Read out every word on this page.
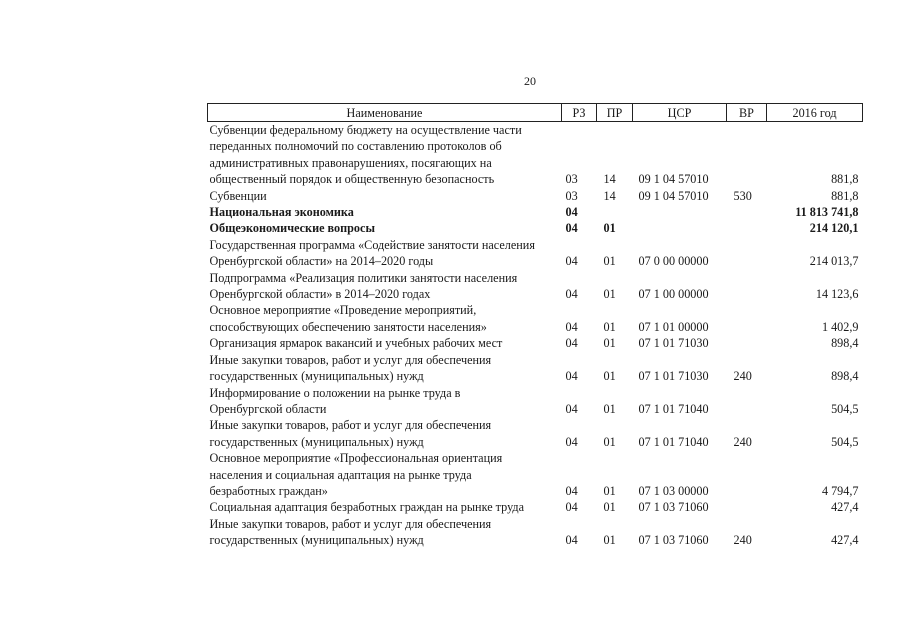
20
Наименование	РЗ	ПР	ЦСР	ВР	2016 год
Субвенции федеральному бюджету на осуществление части
переданных полномочий по составлению протоколов об
административных правонарушениях, посягающих на
общественный порядок и общественную безопасность	03	14	09 1 04 57010		881,8
Субвенции	03	14	09 1 04 57010	530	881,8
Национальная экономика	04				11 813 741,8
Общеэкономические вопросы	04	01			214 120,1
Государственная программа «Содействие занятости населения
Оренбургской области» на 2014–2020 годы	04	01	07 0 00 00000		214 013,7
Подпрограмма «Реализация политики занятости населения
Оренбургской области» в 2014–2020 годах	04	01	07 1 00 00000		14 123,6
Основное мероприятие «Проведение мероприятий,
способствующих обеспечению занятости населения»	04	01	07 1 01 00000		1 402,9
Организация ярмарок вакансий и учебных рабочих мест	04	01	07 1 01 71030		898,4
Иные закупки товаров, работ и услуг для обеспечения
государственных (муниципальных) нужд	04	01	07 1 01 71030	240	898,4
Информирование о положении на рынке труда в
Оренбургской области	04	01	07 1 01 71040		504,5
Иные закупки товаров, работ и услуг для обеспечения
государственных (муниципальных) нужд	04	01	07 1 01 71040	240	504,5
Основное мероприятие «Профессиональная ориентация
населения и социальная адаптация на рынке труда
безработных граждан»	04	01	07 1 03 00000		4 794,7
Социальная адаптация безработных граждан на рынке труда	04	01	07 1 03 71060		427,4
Иные закупки товаров, работ и услуг для обеспечения
государственных (муниципальных) нужд	04	01	07 1 03 71060	240	427,4
